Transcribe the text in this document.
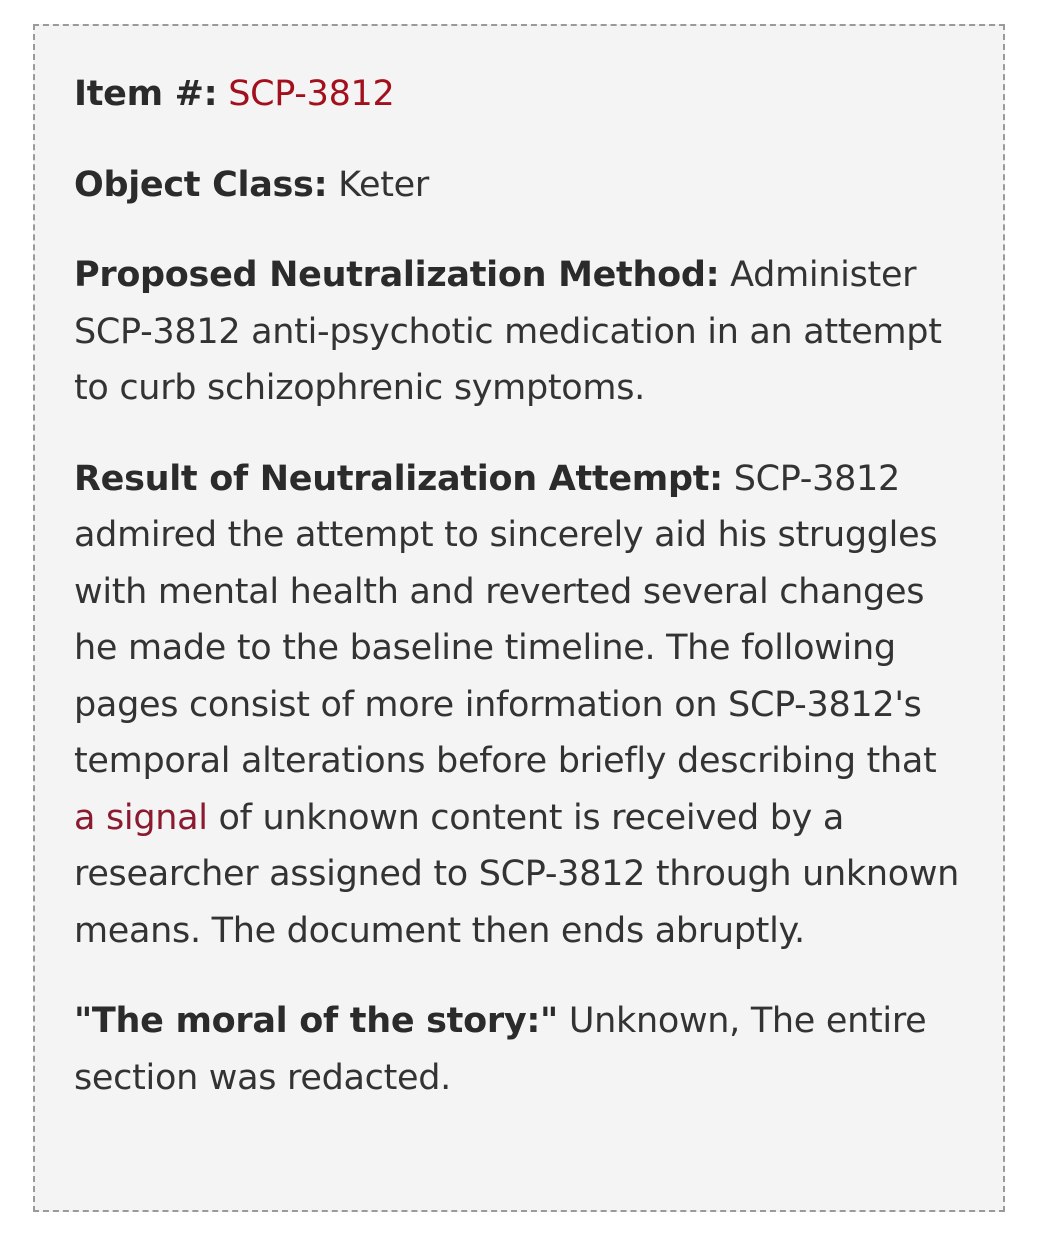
Item #: SCP-3812

Object Class: Keter

Proposed Neutralization Method: Administer SCP-3812 anti-psychotic medication in an attempt to curb schizophrenic symptoms.

Result of Neutralization Attempt: SCP-3812 admired the attempt to sincerely aid his struggles with mental health and reverted several changes he made to the baseline timeline. The following pages consist of more information on SCP-3812's temporal alterations before briefly describing that a signal of unknown content is received by a researcher assigned to SCP-3812 through unknown means. The document then ends abruptly.

"The moral of the story:" Unknown, The entire section was redacted.
